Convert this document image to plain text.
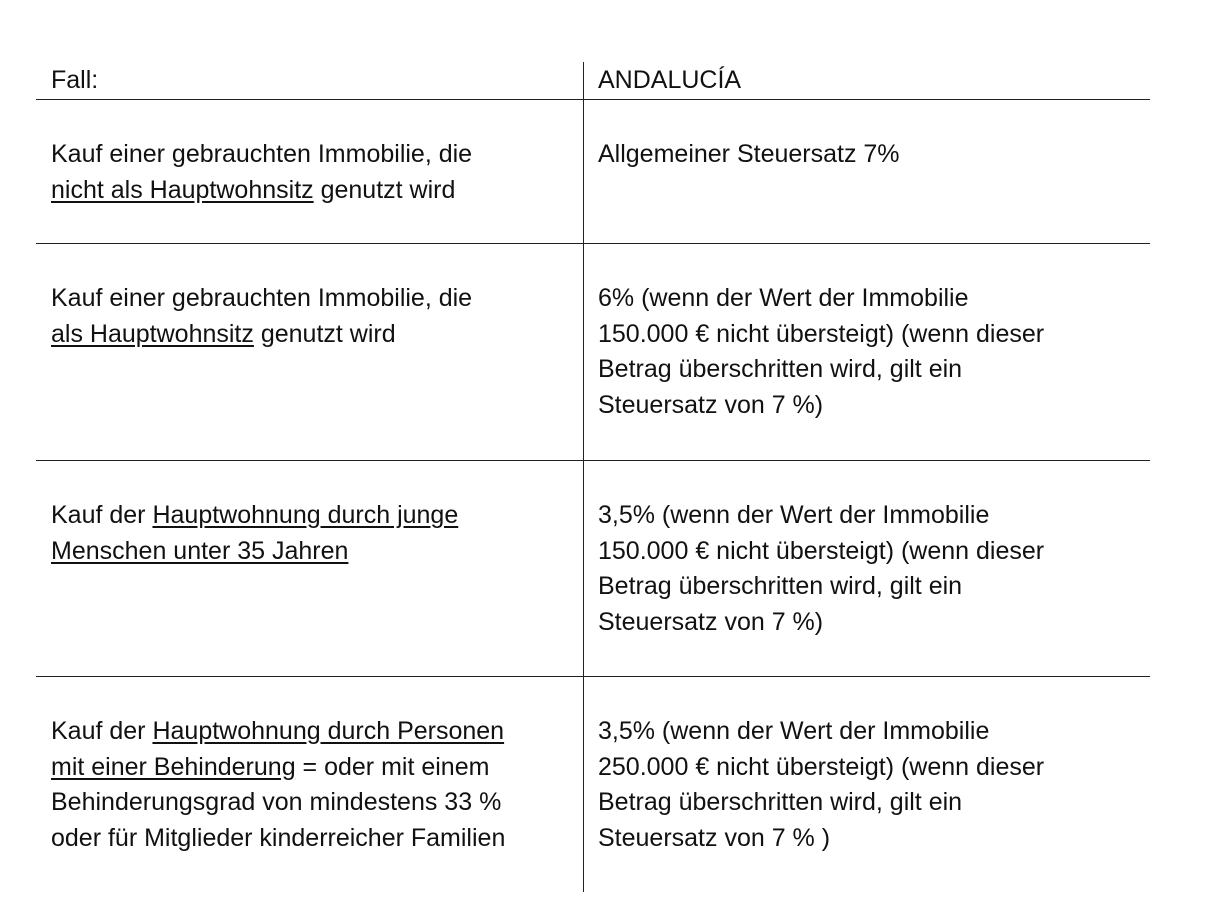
Fall:	ANDALUCÍA
Kauf einer gebrauchten Immobilie, die
nicht als Hauptwohnsitz genutzt wird
Allgemeiner Steuersatz 7%
Kauf einer gebrauchten Immobilie, die
als Hauptwohnsitz genutzt wird
6% (wenn der Wert der Immobilie
150.000 € nicht übersteigt) (wenn dieser
Betrag überschritten wird, gilt ein
Steuersatz von 7 %)
Kauf der Hauptwohnung durch junge
Menschen unter 35 Jahren
3,5% (wenn der Wert der Immobilie
150.000 € nicht übersteigt) (wenn dieser
Betrag überschritten wird, gilt ein
Steuersatz von 7 %)
Kauf der Hauptwohnung durch Personen
mit einer Behinderung = oder mit einem
Behinderungsgrad von mindestens 33 %
oder für Mitglieder kinderreicher Familien
3,5% (wenn der Wert der Immobilie
250.000 € nicht übersteigt) (wenn dieser
Betrag überschritten wird, gilt ein
Steuersatz von 7 % )
